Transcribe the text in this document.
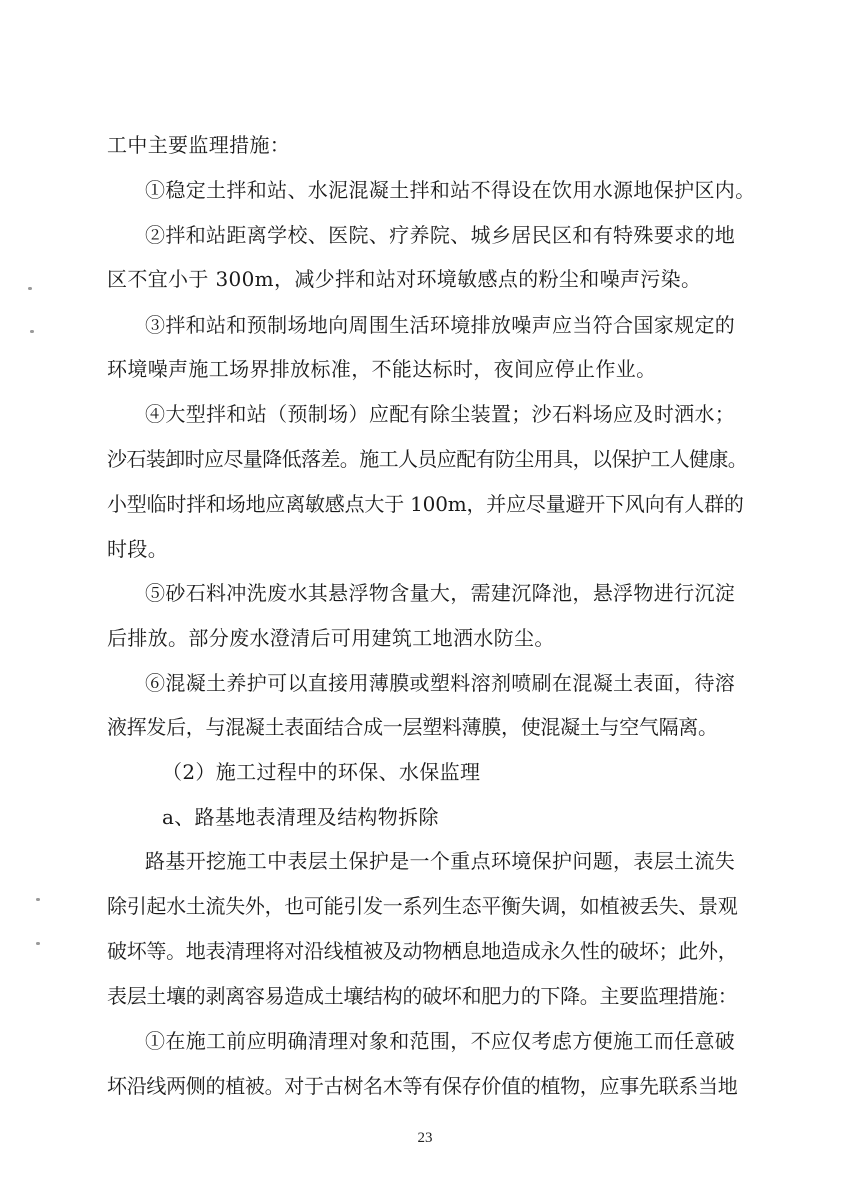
工中主要监理措施：
①稳定土拌和站、水泥混凝土拌和站不得设在饮用水源地保护区内。
②拌和站距离学校、医院、疗养院、城乡居民区和有特殊要求的地
区不宜小于 300m，减少拌和站对环境敏感点的粉尘和噪声污染。
③拌和站和预制场地向周围生活环境排放噪声应当符合国家规定的
环境噪声施工场界排放标准，不能达标时，夜间应停止作业。
④大型拌和站（预制场）应配有除尘装置；沙石料场应及时洒水；
沙石装卸时应尽量降低落差。施工人员应配有防尘用具，以保护工人健康。
小型临时拌和场地应离敏感点大于 100m，并应尽量避开下风向有人群的
时段。
⑤砂石料冲洗废水其悬浮物含量大，需建沉降池，悬浮物进行沉淀
后排放。部分废水澄清后可用建筑工地洒水防尘。
⑥混凝土养护可以直接用薄膜或塑料溶剂喷刷在混凝土表面，待溶
液挥发后，与混凝土表面结合成一层塑料薄膜，使混凝土与空气隔离。
（2）施工过程中的环保、水保监理
a、路基地表清理及结构物拆除
路基开挖施工中表层土保护是一个重点环境保护问题，表层土流失
除引起水土流失外，也可能引发一系列生态平衡失调，如植被丢失、景观
破坏等。地表清理将对沿线植被及动物栖息地造成永久性的破坏；此外，
表层土壤的剥离容易造成土壤结构的破坏和肥力的下降。主要监理措施：
①在施工前应明确清理对象和范围，不应仅考虑方便施工而任意破
坏沿线两侧的植被。对于古树名木等有保存价值的植物，应事先联系当地
23
